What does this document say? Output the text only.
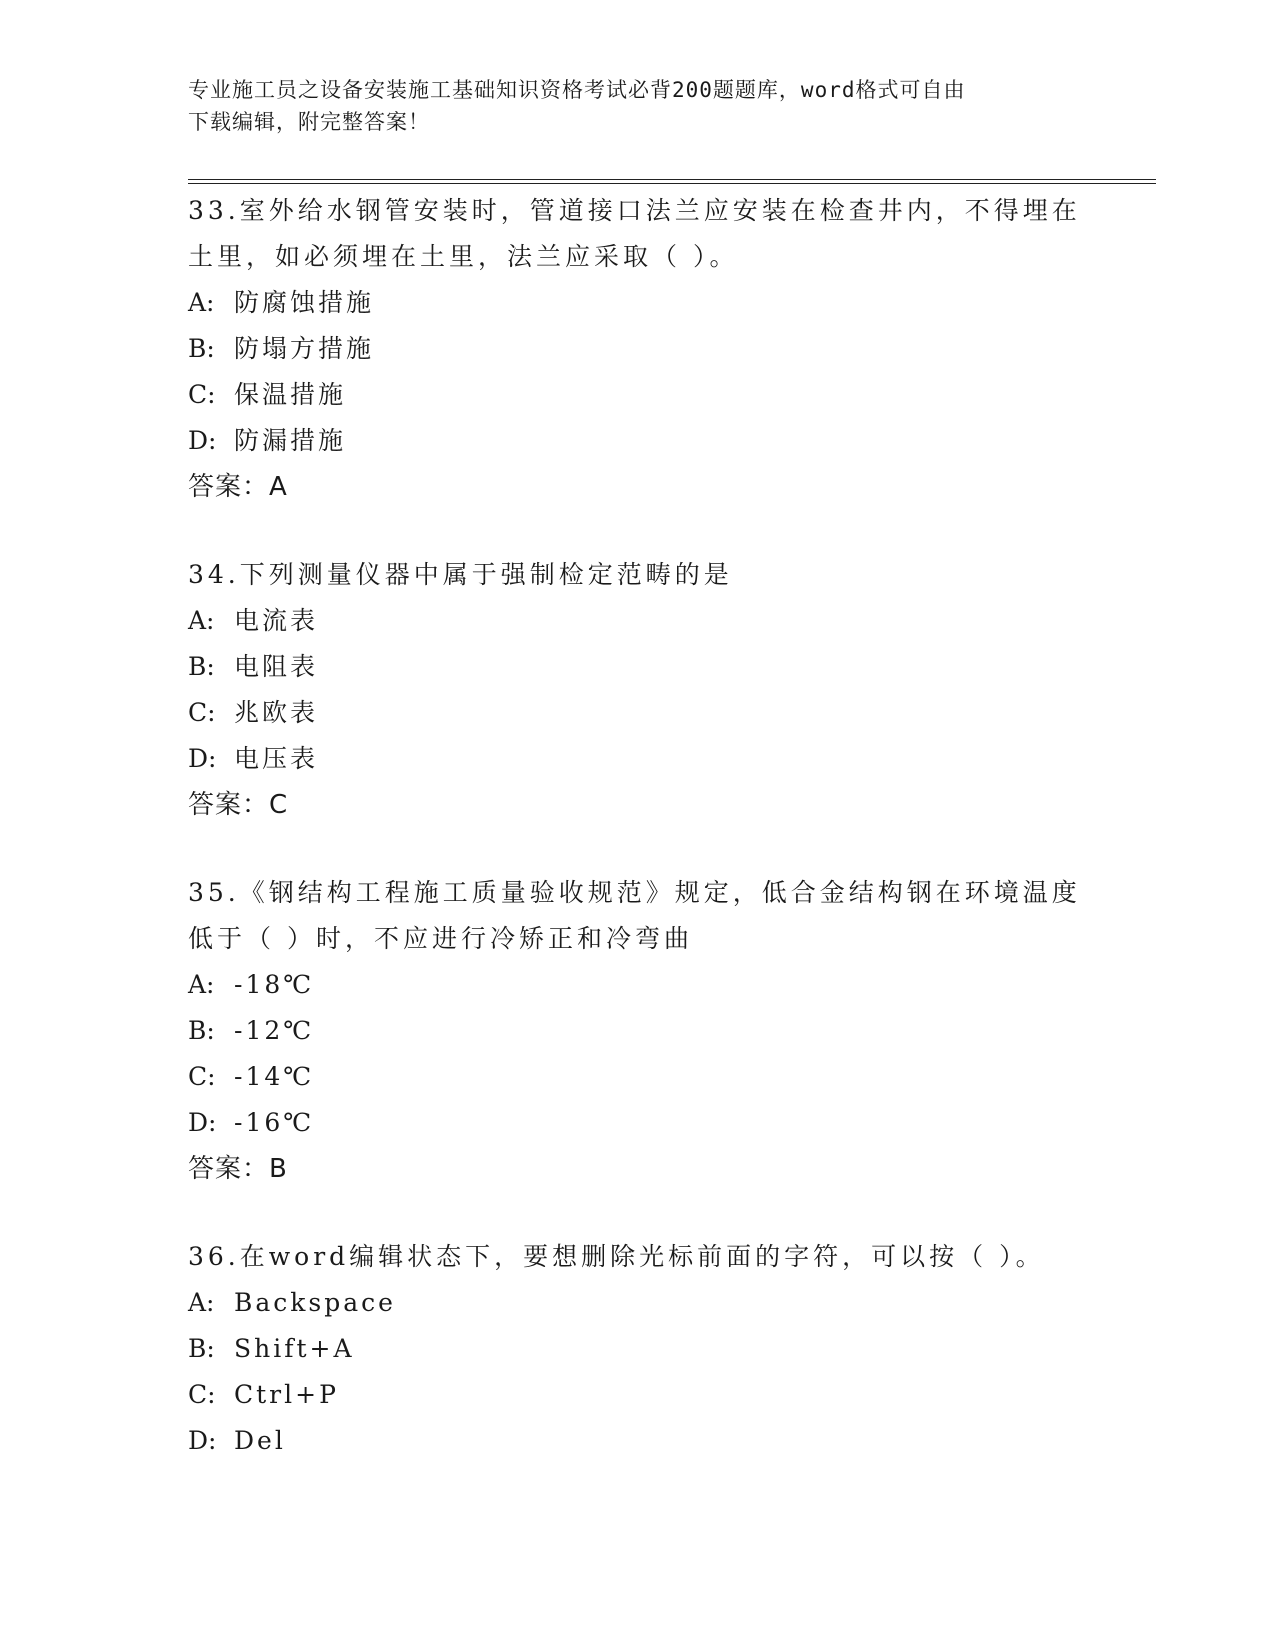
专业施工员之设备安装施工基础知识资格考试必背200题题库，word格式可自由
下载编辑，附完整答案！

33.室外给水钢管安装时，管道接口法兰应安装在检查井内，不得埋在土里，如必须埋在土里，法兰应采取（ ）。

A: 防腐蚀措施

B: 防塌方措施

C: 保温措施

D: 防漏措施

答案：A

34.下列测量仪器中属于强制检定范畴的是

A: 电流表

B: 电阻表

C: 兆欧表

D: 电压表

答案：C

35.《钢结构工程施工质量验收规范》规定，低合金结构钢在环境温度低于（ ）时，不应进行冷矫正和冷弯曲

A: -18℃

B: -12℃

C: -14℃

D: -16℃

答案：B

36.在word编辑状态下，要想删除光标前面的字符，可以按（ ）。

A: Backspace

B: Shift+A

C: Ctrl+P

D: Del
